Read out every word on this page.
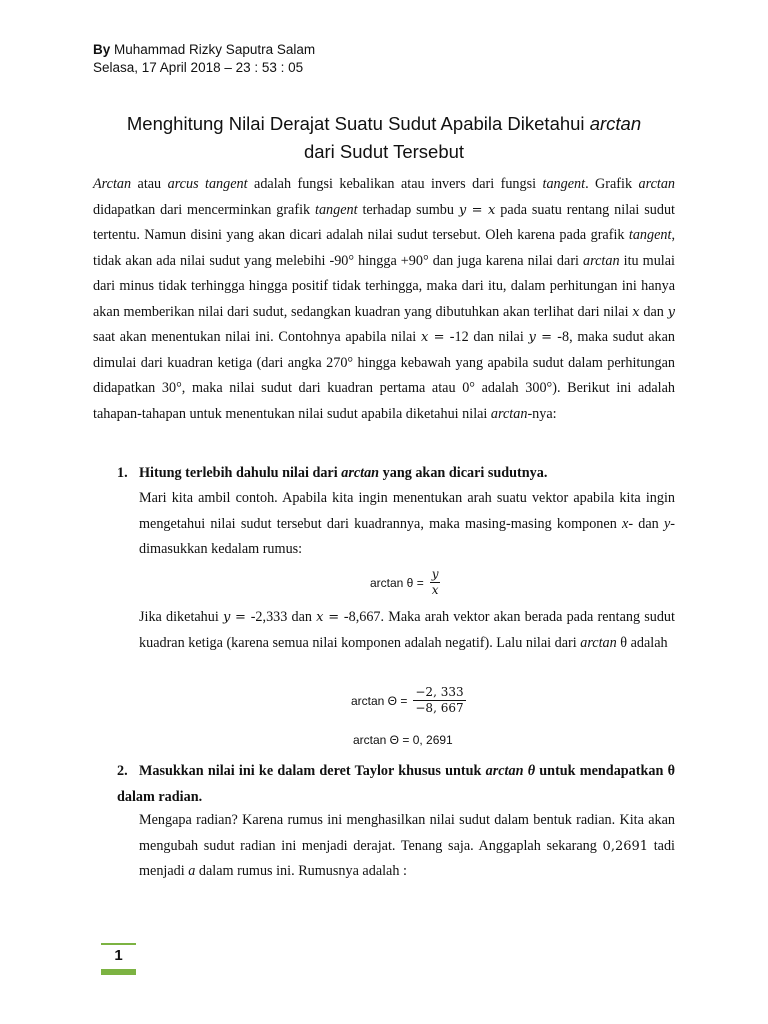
By Muhammad Rizky Saputra Salam
Selasa, 17 April 2018 – 23 : 53 : 05
Menghitung Nilai Derajat Suatu Sudut Apabila Diketahui arctan
dari Sudut Tersebut
Arctan atau arcus tangent adalah fungsi kebalikan atau invers dari fungsi tangent. Grafik arctan didapatkan dari mencerminkan grafik tangent terhadap sumbu y = x pada suatu rentang nilai sudut tertentu. Namun disini yang akan dicari adalah nilai sudut tersebut. Oleh karena pada grafik tangent, tidak akan ada nilai sudut yang melebihi -90° hingga +90° dan juga karena nilai dari arctan itu mulai dari minus tidak terhingga hingga positif tidak terhingga, maka dari itu, dalam perhitungan ini hanya akan memberikan nilai dari sudut, sedangkan kuadran yang dibutuhkan akan terlihat dari nilai x dan y saat akan menentukan nilai ini. Contohnya apabila nilai x = -12 dan nilai y = -8, maka sudut akan dimulai dari kuadran ketiga (dari angka 270° hingga kebawah yang apabila sudut dalam perhitungan didapatkan 30°, maka nilai sudut dari kuadran pertama atau 0° adalah 300°). Berikut ini adalah tahapan-tahapan untuk menentukan nilai sudut apabila diketahui nilai arctan-nya:
1. Hitung terlebih dahulu nilai dari arctan yang akan dicari sudutnya.
Mari kita ambil contoh. Apabila kita ingin menentukan arah suatu vektor apabila kita ingin mengetahui nilai sudut tersebut dari kuadrannya, maka masing-masing komponen x- dan y- dimasukkan kedalam rumus:
$\arctan \theta = \frac{y}{x}$
Jika diketahui y = -2,333 dan x = -8,667. Maka arah vektor akan berada pada rentang sudut kuadran ketiga (karena semua nilai komponen adalah negatif). Lalu nilai dari arctan θ adalah
$\arctan \Theta = \frac{-2, 333}{-8, 667}$
arctan Θ = 0, 2691
2. Masukkan nilai ini ke dalam deret Taylor khusus untuk arctan θ untuk mendapatkan θ dalam radian.
Mengapa radian? Karena rumus ini menghasilkan nilai sudut dalam bentuk radian. Kita akan mengubah sudut radian ini menjadi derajat. Tenang saja. Anggaplah sekarang 0,2691 tadi menjadi a dalam rumus ini. Rumusnya adalah :
1
